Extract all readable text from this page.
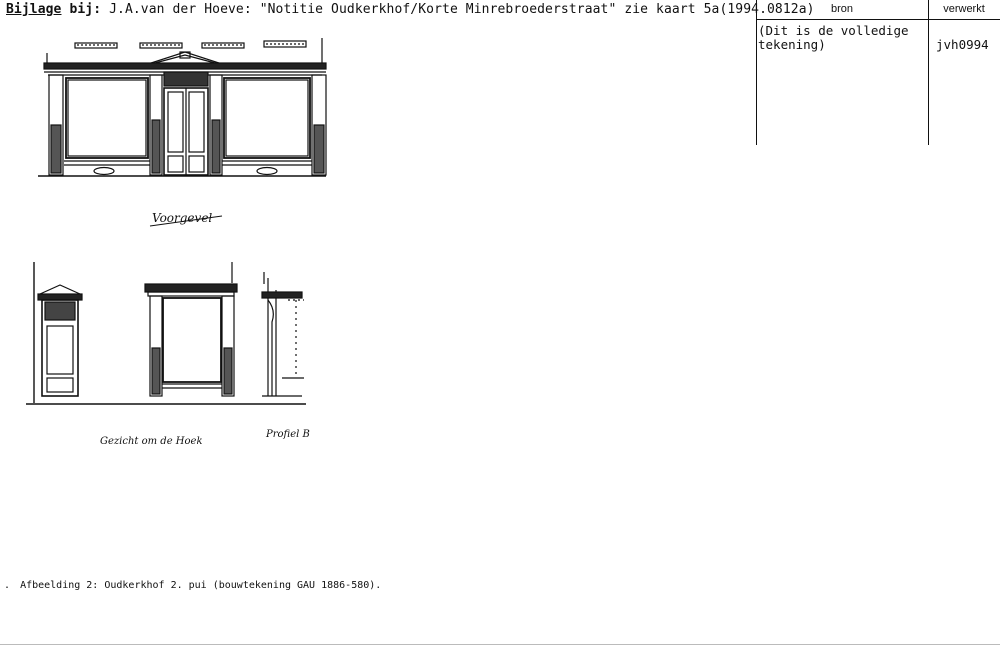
Bijlage bij: J.A.van der Hoeve: "Notitie Oudkerkhof/Korte Minrebroederstraat" zie kaart 5a(1994.0812a)	bron	verwerkt
(Dit is de volledige
tekening)	jvh0994
Voorgevel
Gezicht om de Hoek
Profiel B
. Afbeelding 2: Oudkerkhof 2. pui (bouwtekening GAU 1886-580).
